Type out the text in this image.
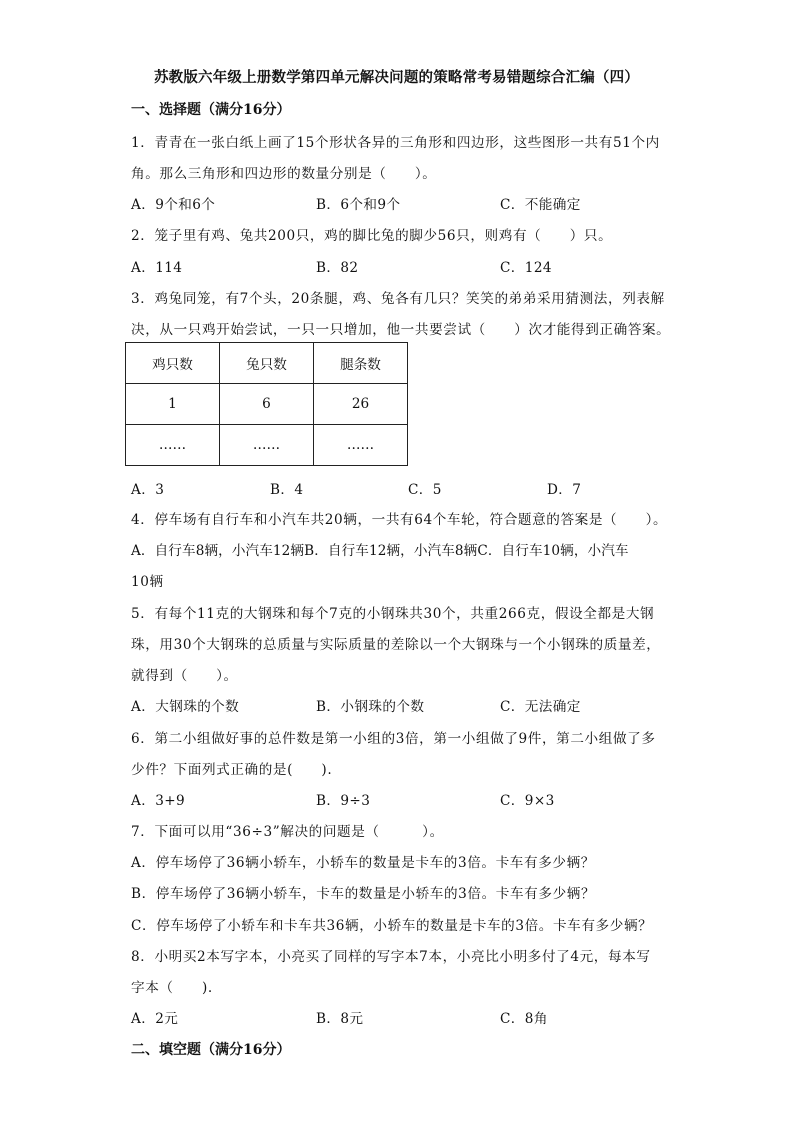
苏教版六年级上册数学第四单元解决问题的策略常考易错题综合汇编（四）
一、选择题（满分16分）
1．青青在一张白纸上画了15个形状各异的三角形和四边形，这些图形一共有51个内
角。那么三角形和四边形的数量分别是（　　）。
A．9个和6个	B．6个和9个	C．不能确定
2．笼子里有鸡、兔共200只，鸡的脚比兔的脚少56只，则鸡有（　　）只。
A．114	B．82	C．124
3．鸡兔同笼，有7个头，20条腿，鸡、兔各有几只？笑笑的弟弟采用猜测法，列表解
决，从一只鸡开始尝试，一只一只增加，他一共要尝试（　　）次才能得到正确答案。
鸡只数	兔只数	腿条数
1	6	26
……	……	……
A．3	B．4	C．5	D．7
4．停车场有自行车和小汽车共20辆，一共有64个车轮，符合题意的答案是（　　）。
A．自行车8辆，小汽车12辆B．自行车12辆，小汽车8辆C．自行车10辆，小汽车
10辆
5．有每个11克的大钢珠和每个7克的小钢珠共30个，共重266克，假设全都是大钢
珠，用30个大钢珠的总质量与实际质量的差除以一个大钢珠与一个小钢珠的质量差，
就得到（　　）。
A．大钢珠的个数	B．小钢珠的个数	C．无法确定
6．第二小组做好事的总件数是第一小组的3倍，第一小组做了9件，第二小组做了多
少件？下面列式正确的是(　　).
A．3+9	B．9÷3	C．9×3
7．下面可以用“36÷3”解决的问题是（　　　）。
A．停车场停了36辆小轿车，小轿车的数量是卡车的3倍。卡车有多少辆？
B．停车场停了36辆小轿车，卡车的数量是小轿车的3倍。卡车有多少辆？
C．停车场停了小轿车和卡车共36辆，小轿车的数量是卡车的3倍。卡车有多少辆？
8．小明买2本写字本，小亮买了同样的写字本7本，小亮比小明多付了4元，每本写
字本（　　).
A．2元	B．8元	C．8角
二、填空题（满分16分）
